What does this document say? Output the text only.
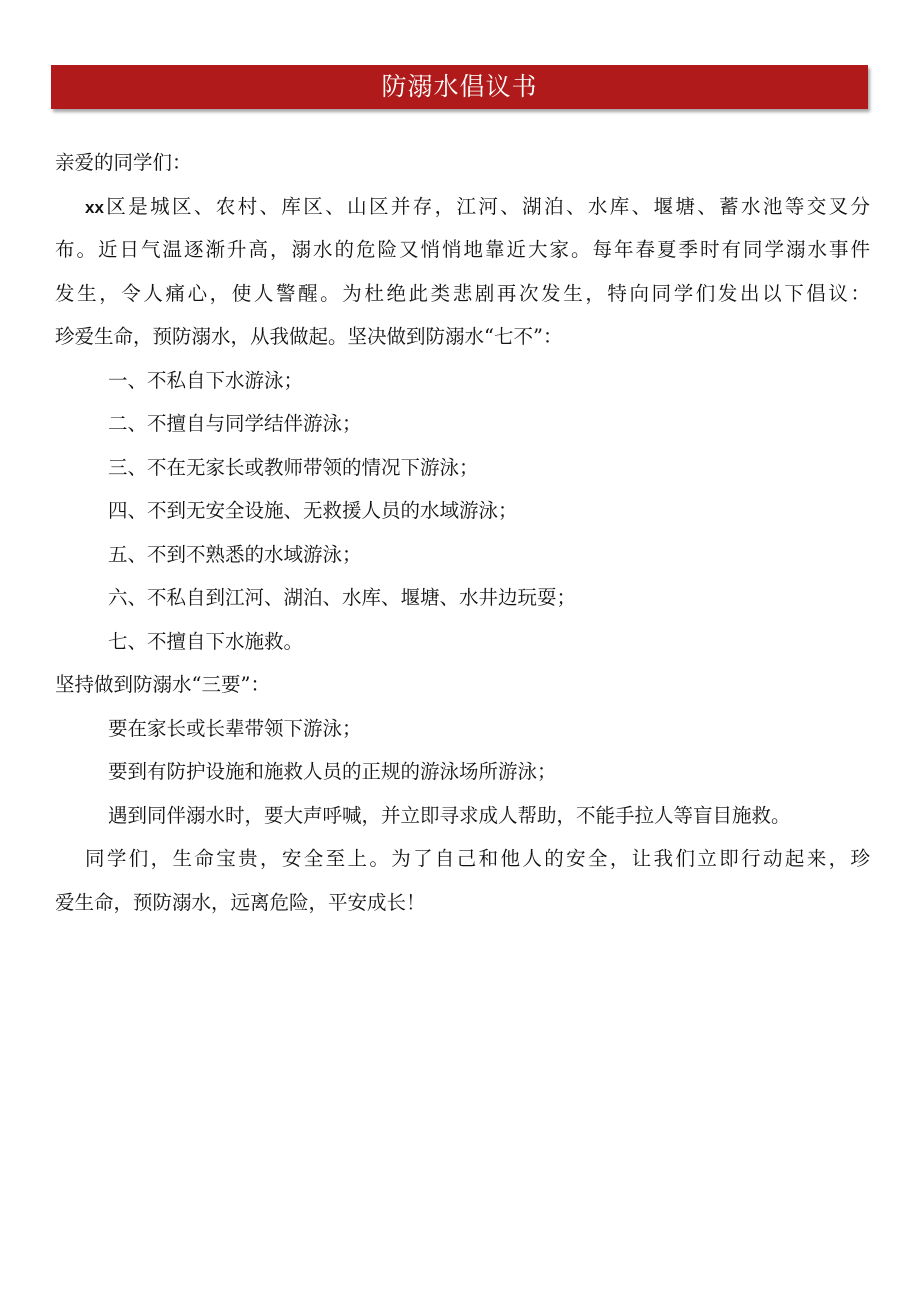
防溺水倡议书
亲爱的同学们：
xx区是城区、农村、库区、山区并存，江河、湖泊、水库、堰塘、蓄水池等交叉分
布。近日气温逐渐升高，溺水的危险又悄悄地靠近大家。每年春夏季时有同学溺水事件
发生，令人痛心，使人警醒。为杜绝此类悲剧再次发生，特向同学们发出以下倡议：
珍爱生命，预防溺水，从我做起。坚决做到防溺水“七不”：
一、不私自下水游泳；
二、不擅自与同学结伴游泳；
三、不在无家长或教师带领的情况下游泳；
四、不到无安全设施、无救援人员的水域游泳；
五、不到不熟悉的水域游泳；
六、不私自到江河、湖泊、水库、堰塘、水井边玩耍；
七、不擅自下水施救。
坚持做到防溺水“三要”：
要在家长或长辈带领下游泳；
要到有防护设施和施救人员的正规的游泳场所游泳；
遇到同伴溺水时，要大声呼喊，并立即寻求成人帮助，不能手拉人等盲目施救。
同学们，生命宝贵，安全至上。为了自己和他人的安全，让我们立即行动起来，珍
爱生命，预防溺水，远离危险，平安成长！
